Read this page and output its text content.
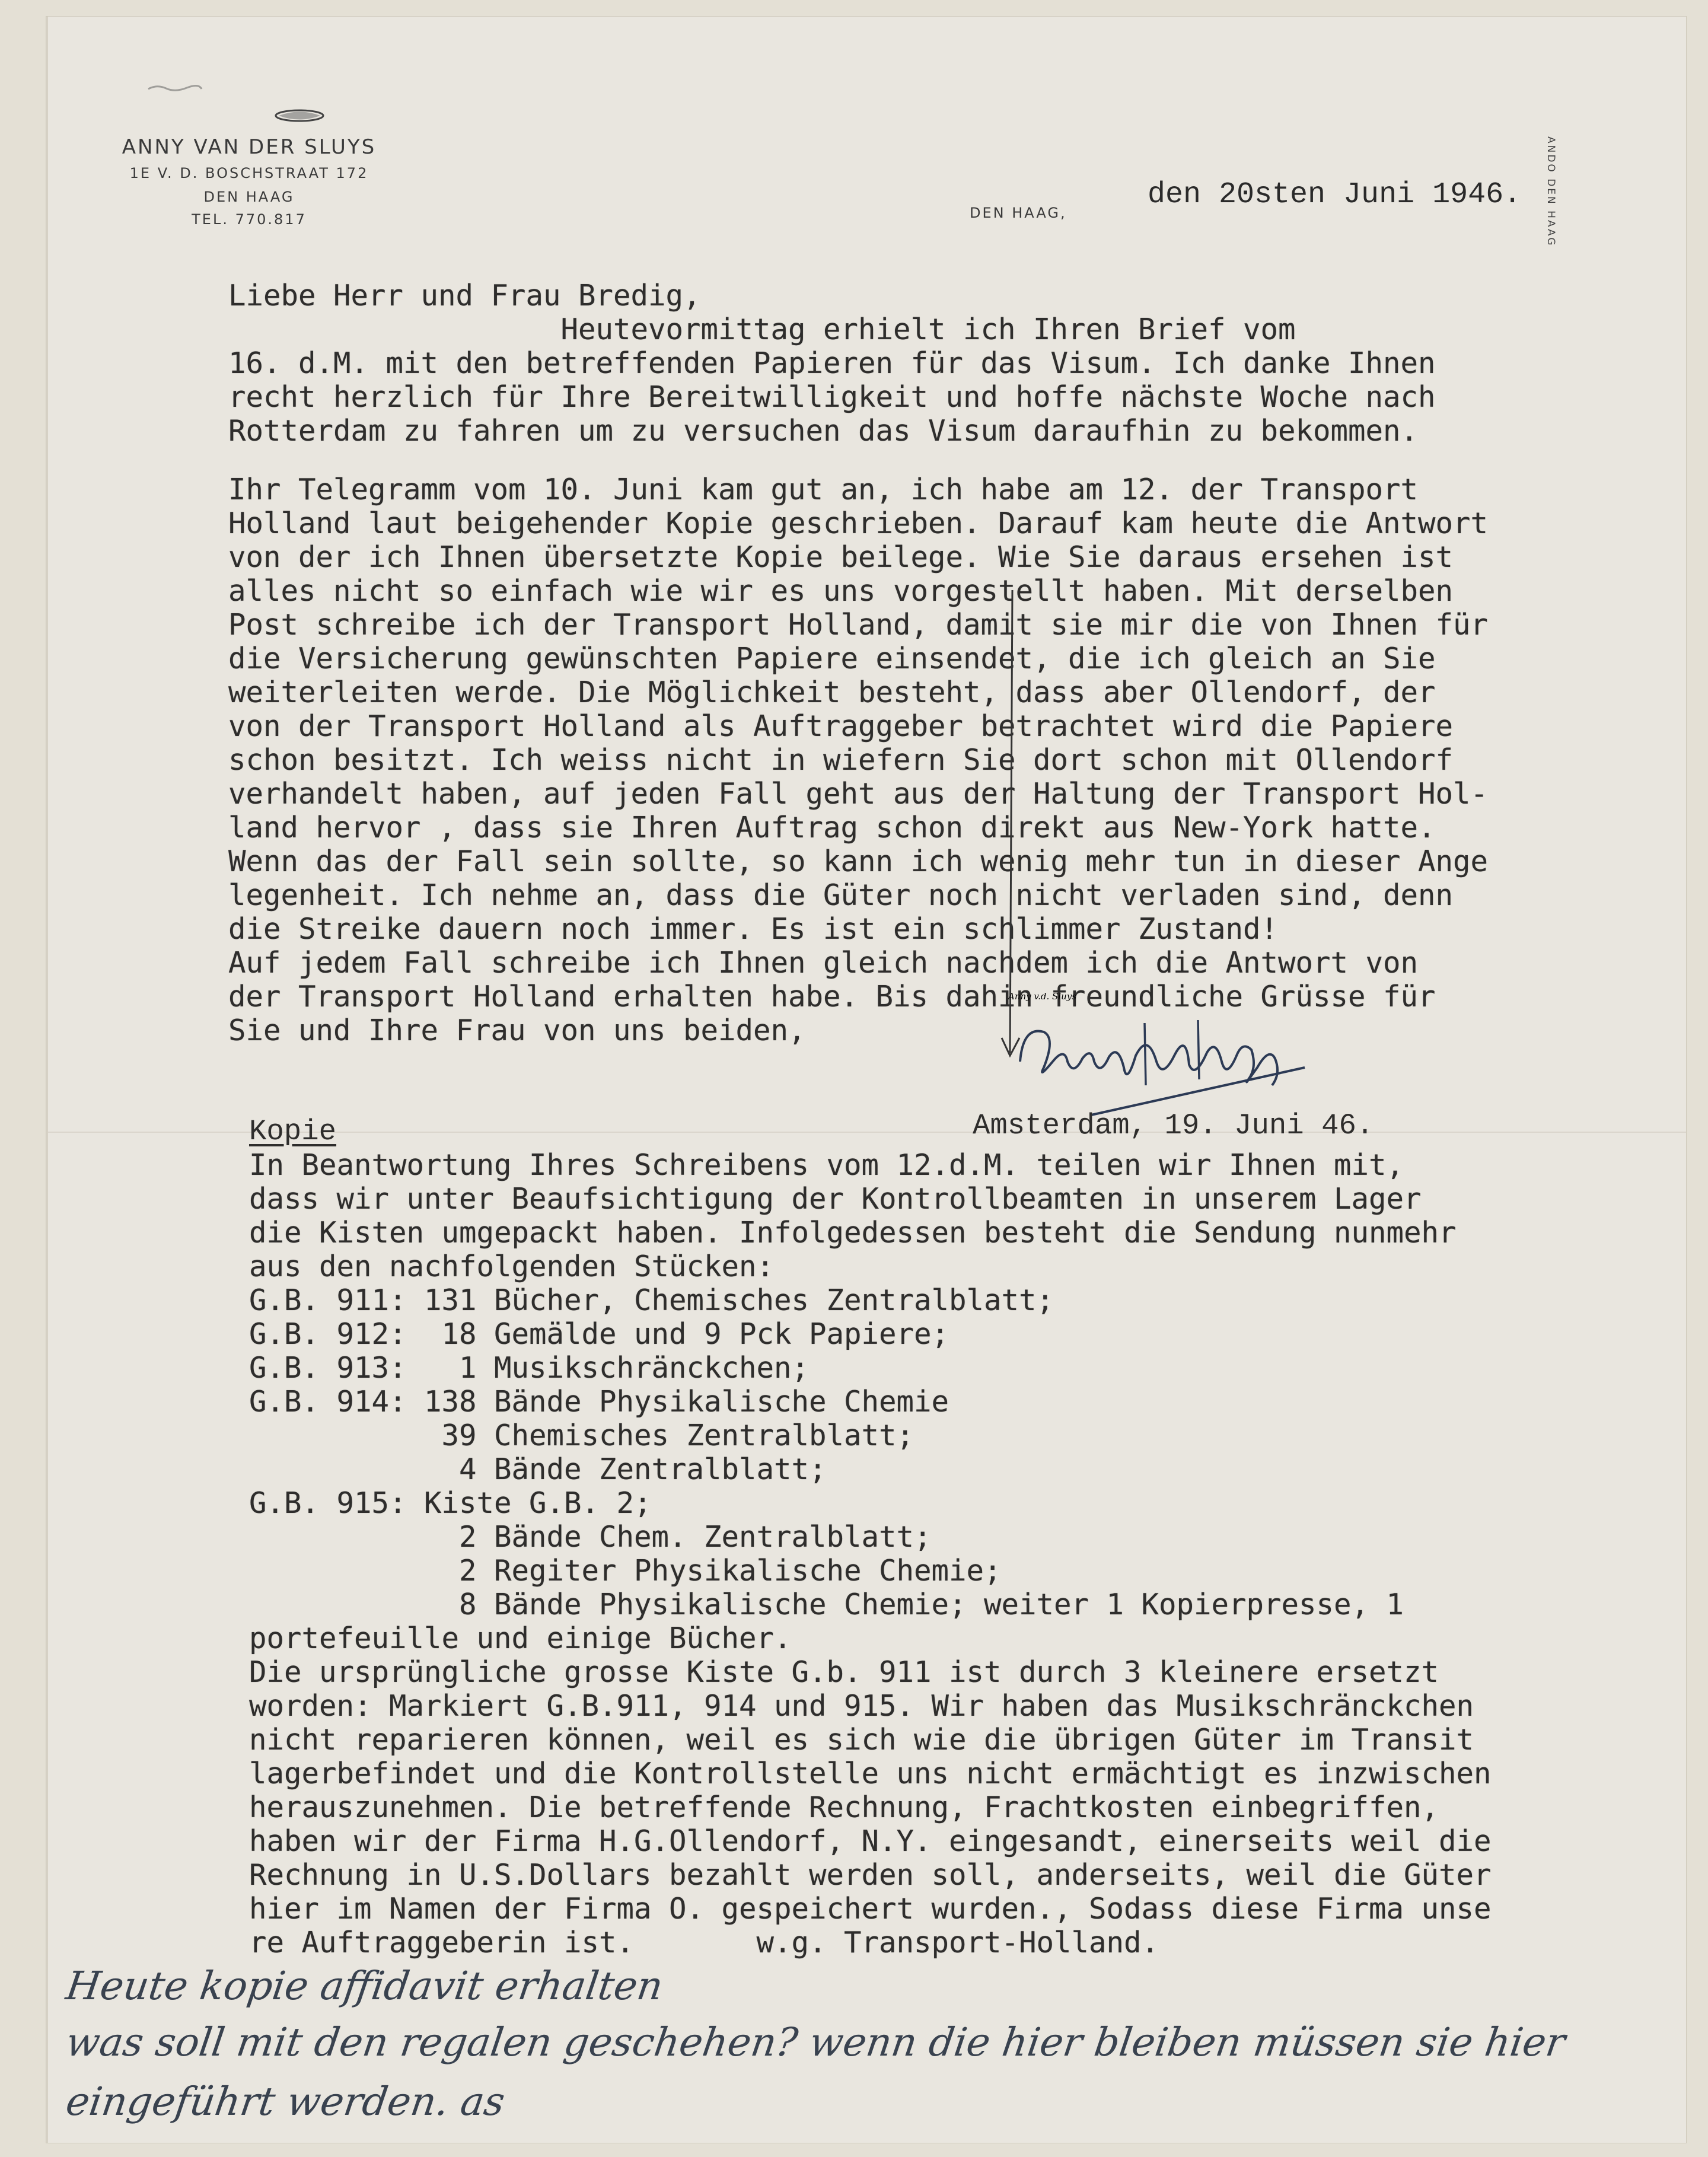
ANNY VAN DER SLUYS
1E V. D. BOSCHSTRAAT 172
DEN HAAG
TEL. 770.817	ANDO DEN HAAG
DEN HAAG,
den 20sten Juni 1946.
Liebe Herr und Frau Bredig,
Heutevormittag erhielt ich Ihren Brief vom
16. d.M. mit den betreffenden Papieren für das Visum. Ich danke Ihnen
recht herzlich für Ihre Bereitwilligkeit und hoffe nächste Woche nach
Rotterdam zu fahren um zu versuchen das Visum daraufhin zu bekommen.
Ihr Telegramm vom 10. Juni kam gut an, ich habe am 12. der Transport
Holland laut beigehender Kopie geschrieben. Darauf kam heute die Antwort
von der ich Ihnen übersetzte Kopie beilege. Wie Sie daraus ersehen ist
alles nicht so einfach wie wir es uns vorgestellt haben. Mit derselben
Post schreibe ich der Transport Holland, damit sie mir die von Ihnen für
die Versicherung gewünschten Papiere einsendet, die ich gleich an Sie
weiterleiten werde. Die Möglichkeit besteht, dass aber Ollendorf, der
von der Transport Holland als Auftraggeber betrachtet wird die Papiere
schon besitzt. Ich weiss nicht in wiefern Sie dort schon mit Ollendorf
verhandelt haben, auf jeden Fall geht aus der Haltung der Transport Hol-
land hervor , dass sie Ihren Auftrag schon direkt aus New-York hatte.
Wenn das der Fall sein sollte, so kann ich wenig mehr tun in dieser Ange
legenheit. Ich nehme an, dass die Güter noch nicht verladen sind, denn
die Streike dauern noch immer. Es ist ein schlimmer Zustand!
Auf jedem Fall schreibe ich Ihnen gleich nachdem ich die Antwort von
der Transport Holland erhalten habe. Bis dahin freundliche Grüsse für
Sie und Ihre Frau von uns beiden,
Kopie	Amsterdam, 19. Juni 46.
In Beantwortung Ihres Schreibens vom 12.d.M. teilen wir Ihnen mit,
dass wir unter Beaufsichtigung der Kontrollbeamten in unserem Lager
die Kisten umgepackt haben. Infolgedessen besteht die Sendung nunmehr
aus den nachfolgenden Stücken:
G.B. 911: 131 Bücher, Chemisches Zentralblatt;
G.B. 912:  18 Gemälde und 9 Pck Papiere;
G.B. 913:   1 Musikschränckchen;
G.B. 914: 138 Bände Physikalische Chemie
39 Chemisches Zentralblatt;
4 Bände Zentralblatt;
G.B. 915: Kiste G.B. 2;
2 Bände Chem. Zentralblatt;
2 Regiter Physikalische Chemie;
8 Bände Physikalische Chemie; weiter 1 Kopierpresse, 1
portefeuille und einige Bücher.
Die ursprüngliche grosse Kiste G.b. 911 ist durch 3 kleinere ersetzt
worden: Markiert G.B.911, 914 und 915. Wir haben das Musikschränckchen
nicht reparieren können, weil es sich wie die übrigen Güter im Transit
lagerbefindet und die Kontrollstelle uns nicht ermächtigt es inzwischen
herauszunehmen. Die betreffende Rechnung, Frachtkosten einbegriffen,
haben wir der Firma H.G.Ollendorf, N.Y. eingesandt, einerseits weil die
Rechnung in U.S.Dollars bezahlt werden soll, anderseits, weil die Güter
hier im Namen der Firma O. gespeichert wurden., Sodass diese Firma unse
re Auftraggeberin ist.       w.g. Transport-Holland.
Heute kopie affidavit erhalten
was soll mit den regalen geschehen? wenn die hier bleiben müssen sie hier
eingeführt werden. as
